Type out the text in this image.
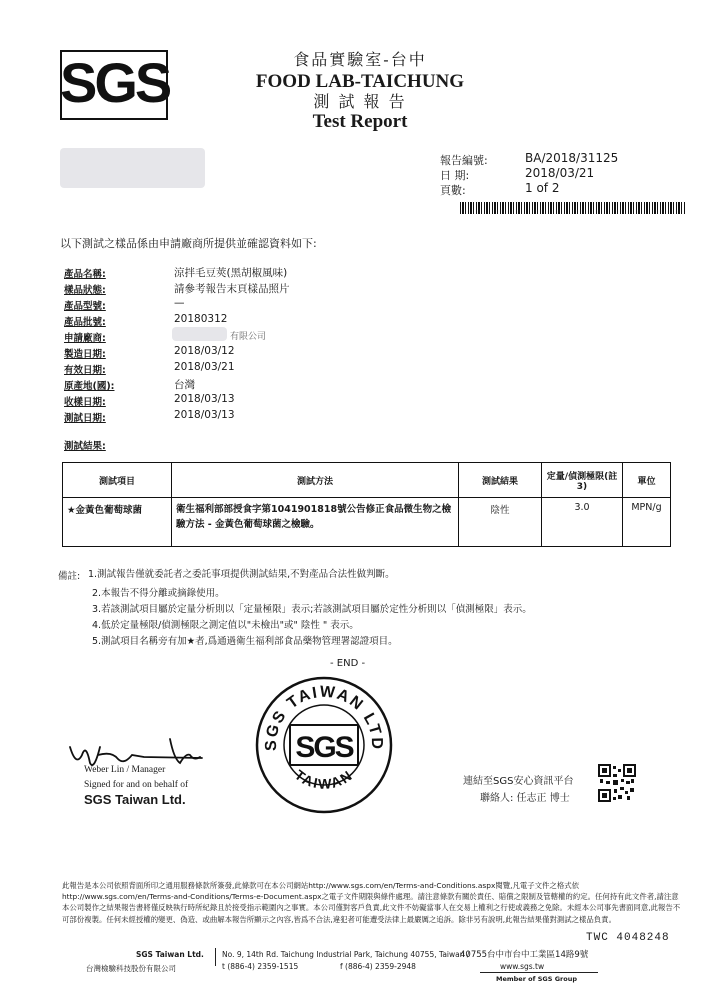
SGS	食品實驗室-台中
FOOD LAB-TAICHUNG
測 試 報 告
Test Report
報告編號:	BA/2018/31125
日 期:	2018/03/21
頁數:	1 of 2
以下測試之樣品係由申請廠商所提供並確認資料如下:
產品名稱:	涼拌毛豆莢(黑胡椒風味)
樣品狀態:	請參考報告末頁樣品照片
產品型號:	—
產品批號:	20180312
申請廠商:	有限公司
製造日期:	2018/03/12
有效日期:	2018/03/21
原產地(國):	台灣
收樣日期:	2018/03/13
測試日期:	2018/03/13
測試結果:
測試項目	測試方法	測試結果	定量/偵測極限(註3)	單位
★金黃色葡萄球菌	衛生福利部部授食字第1041901818號公告修正食品微生物之檢驗方法 - 金黃色葡萄球菌之檢驗。	陰性	3.0	MPN/g
備註: 1.測試報告僅就委託者之委託事項提供測試結果,不對產品合法性做判斷。
2.本報告不得分離或摘錄使用。
3.若該測試項目屬於定量分析則以「定量極限」表示;若該測試項目屬於定性分析則以「偵測極限」表示。
4.低於定量極限/偵測極限之測定值以"未檢出"或" 陰性 " 表示。
5.測試項目名稱旁有加★者,爲通過衛生福利部食品藥物管理署認證項目。
- END -
SGS TAIWAN LTD
SGS
TAIWAN
Weber Lin / Manager
Signed for and on behalf of
SGS Taiwan Ltd.
連結至SGS安心資訊平台
聯絡人: 任志正 博士
此報告是本公司依照背面所印之通用服務條款所簽發,此條款可在本公司網站http://www.sgs.com/en/Terms-and-Conditions.aspx閱覽,凡電子文件之格式依http://www.sgs.com/en/Terms-and-Conditions/Terms-e-Document.aspx之電子文件期限與條件處理。請注意條款有關於責任、賠償之限制及管轄權的約定。任何持有此文件者,請注意本公司製作之結果報告書將僅反映執行時所紀錄且於接受指示範圍內之事實。本公司僅對客戶負責,此文件不妨礙當事人在交易上權利之行使或義務之免除。未經本公司事先書面同意,此報告不可部份複製。任何未經授權的變更、偽造、或曲解本報告所顯示之內容,皆爲不合法,違犯者可能遭受法律上最嚴厲之追訴。除非另有說明,此報告結果僅對測試之樣品負責。
TWC 4048248
SGS Taiwan Ltd.
台灣檢驗科技股份有限公司
No. 9, 14th Rd. Taichung Industrial Park, Taichung 40755, Taiwan /
40755台中市台中工業區14路9號
t (886-4) 2359-1515	f (886-4) 2359-2948	www.sgs.tw
Member of SGS Group
